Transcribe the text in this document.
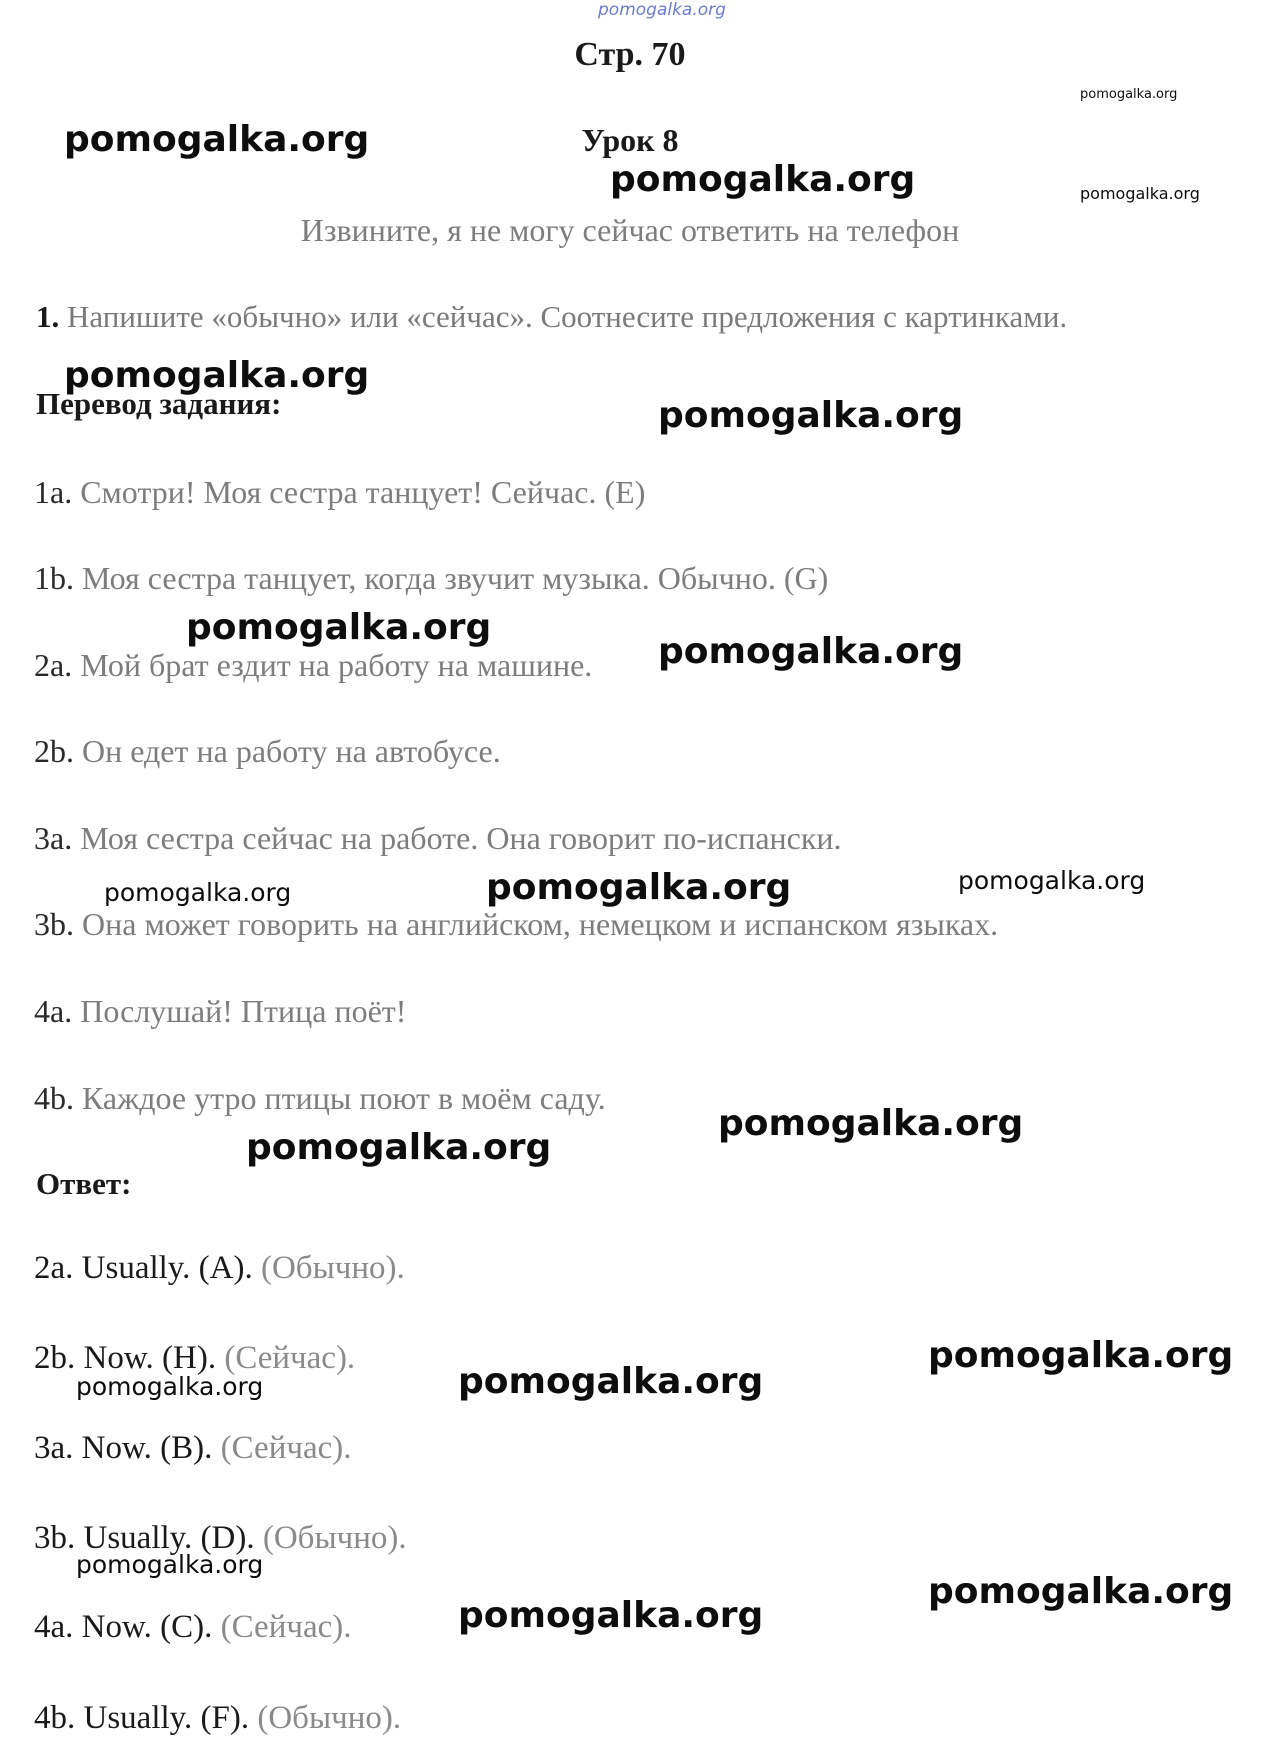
pomogalka.org
Стр. 70
Урок 8
Извините, я не могу сейчас ответить на телефон
1. Напишите «обычно» или «сейчас». Соотнесите предложения с картинками.
Перевод задания:
1a. Смотри! Моя сестра танцует! Сейчас. (E)
1b. Моя сестра танцует, когда звучит музыка. Обычно. (G)
2a. Мой брат ездит на работу на машине.
2b. Он едет на работу на автобусе.
3a. Моя сестра сейчас на работе. Она говорит по-испански.
3b. Она может говорить на английском, немецком и испанском языках.
4a. Послушай! Птица поёт!
4b. Каждое утро птицы поют в моём саду.
Ответ:
2a. Usually. (A). (Обычно).
2b. Now. (H). (Сейчас).
3a. Now. (B). (Сейчас).
3b. Usually. (D). (Обычно).
4a. Now. (C). (Сейчас).
4b. Usually. (F). (Обычно).
pomogalka.org
pomogalka.org
pomogalka.org	pomogalka.org
pomogalka.org
pomogalka.org
pomogalka.org
pomogalka.org
pomogalka.org	pomogalka.org	pomogalka.org
pomogalka.org
pomogalka.org
pomogalka.org
pomogalka.org	pomogalka.org
pomogalka.org
pomogalka.org
pomogalka.org
